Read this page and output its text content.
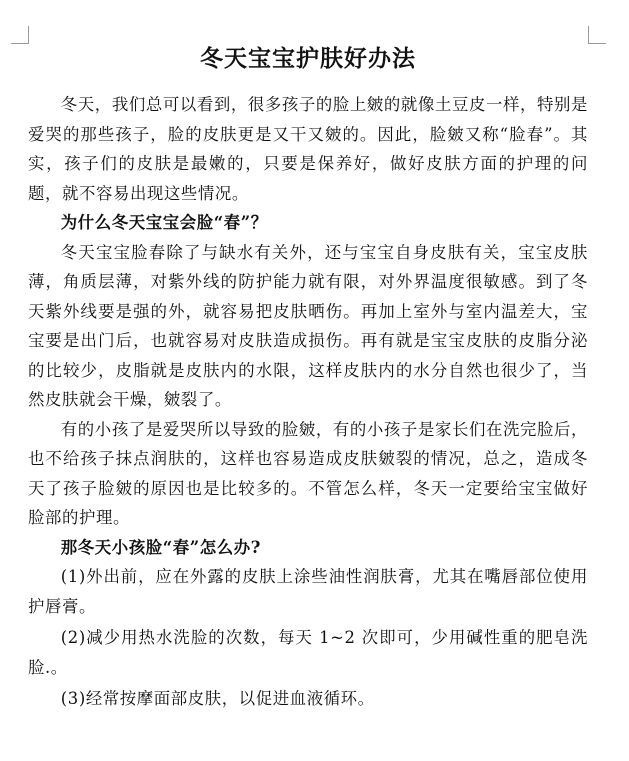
冬天宝宝护肤好办法

冬天，我们总可以看到，很多孩子的脸上皴的就像土豆皮一样，特别是爱哭的那些孩子，脸的皮肤更是又干又皴的。因此，脸皴又称“脸春”。其实，孩子们的皮肤是最嫩的，只要是保养好，做好皮肤方面的护理的问题，就不容易出现这些情况。

为什么冬天宝宝会脸“春”？

冬天宝宝脸春除了与缺水有关外，还与宝宝自身皮肤有关，宝宝皮肤薄，角质层薄，对紫外线的防护能力就有限，对外界温度很敏感。到了冬天紫外线要是强的外，就容易把皮肤晒伤。再加上室外与室内温差大，宝宝要是出门后，也就容易对皮肤造成损伤。再有就是宝宝皮肤的皮脂分泌的比较少，皮脂就是皮肤内的水限，这样皮肤内的水分自然也很少了，当然皮肤就会干燥，皴裂了。

有的小孩了是爱哭所以导致的脸皴，有的小孩子是家长们在洗完脸后，也不给孩子抹点润肤的，这样也容易造成皮肤皴裂的情况，总之，造成冬天了孩子脸皴的原因也是比较多的。不管怎么样，冬天一定要给宝宝做好脸部的护理。

那冬天小孩脸“春”怎么办?

(1)外出前，应在外露的皮肤上涂些油性润肤膏，尤其在嘴唇部位使用护唇膏。

(2)减少用热水洗脸的次数，每天 1~2 次即可，少用碱性重的肥皂洗脸.。

(3)经常按摩面部皮肤，以促进血液循环。
